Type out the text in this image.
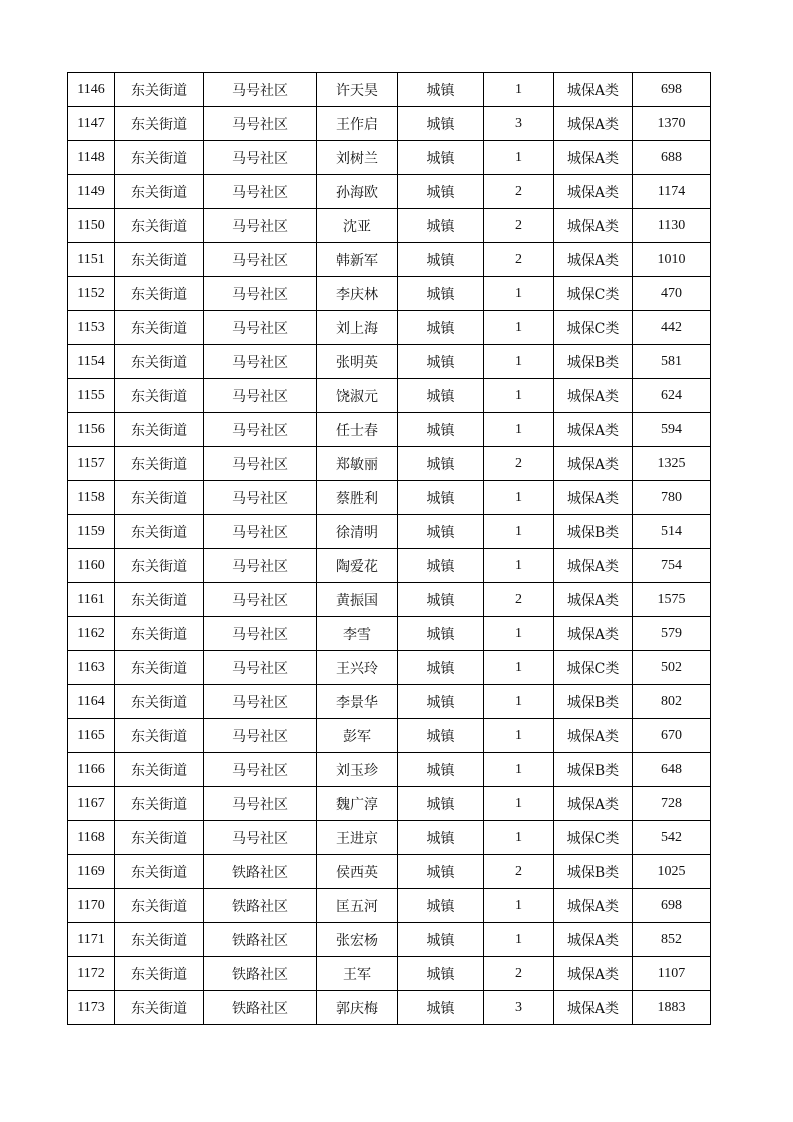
1146	东关街道	马号社区	许天昊	城镇	1	城保A类	698
1147	东关街道	马号社区	王作启	城镇	3	城保A类	1370
1148	东关街道	马号社区	刘树兰	城镇	1	城保A类	688
1149	东关街道	马号社区	孙海欧	城镇	2	城保A类	1174
1150	东关街道	马号社区	沈亚	城镇	2	城保A类	1130
1151	东关街道	马号社区	韩新军	城镇	2	城保A类	1010
1152	东关街道	马号社区	李庆林	城镇	1	城保C类	470
1153	东关街道	马号社区	刘上海	城镇	1	城保C类	442
1154	东关街道	马号社区	张明英	城镇	1	城保B类	581
1155	东关街道	马号社区	饶淑元	城镇	1	城保A类	624
1156	东关街道	马号社区	任士春	城镇	1	城保A类	594
1157	东关街道	马号社区	郑敏丽	城镇	2	城保A类	1325
1158	东关街道	马号社区	蔡胜利	城镇	1	城保A类	780
1159	东关街道	马号社区	徐清明	城镇	1	城保B类	514
1160	东关街道	马号社区	陶爱花	城镇	1	城保A类	754
1161	东关街道	马号社区	黄振国	城镇	2	城保A类	1575
1162	东关街道	马号社区	李雪	城镇	1	城保A类	579
1163	东关街道	马号社区	王兴玲	城镇	1	城保C类	502
1164	东关街道	马号社区	李景华	城镇	1	城保B类	802
1165	东关街道	马号社区	彭军	城镇	1	城保A类	670
1166	东关街道	马号社区	刘玉珍	城镇	1	城保B类	648
1167	东关街道	马号社区	魏广淳	城镇	1	城保A类	728
1168	东关街道	马号社区	王进京	城镇	1	城保C类	542
1169	东关街道	铁路社区	侯西英	城镇	2	城保B类	1025
1170	东关街道	铁路社区	匡五河	城镇	1	城保A类	698
1171	东关街道	铁路社区	张宏杨	城镇	1	城保A类	852
1172	东关街道	铁路社区	王军	城镇	2	城保A类	1107
1173	东关街道	铁路社区	郭庆梅	城镇	3	城保A类	1883
